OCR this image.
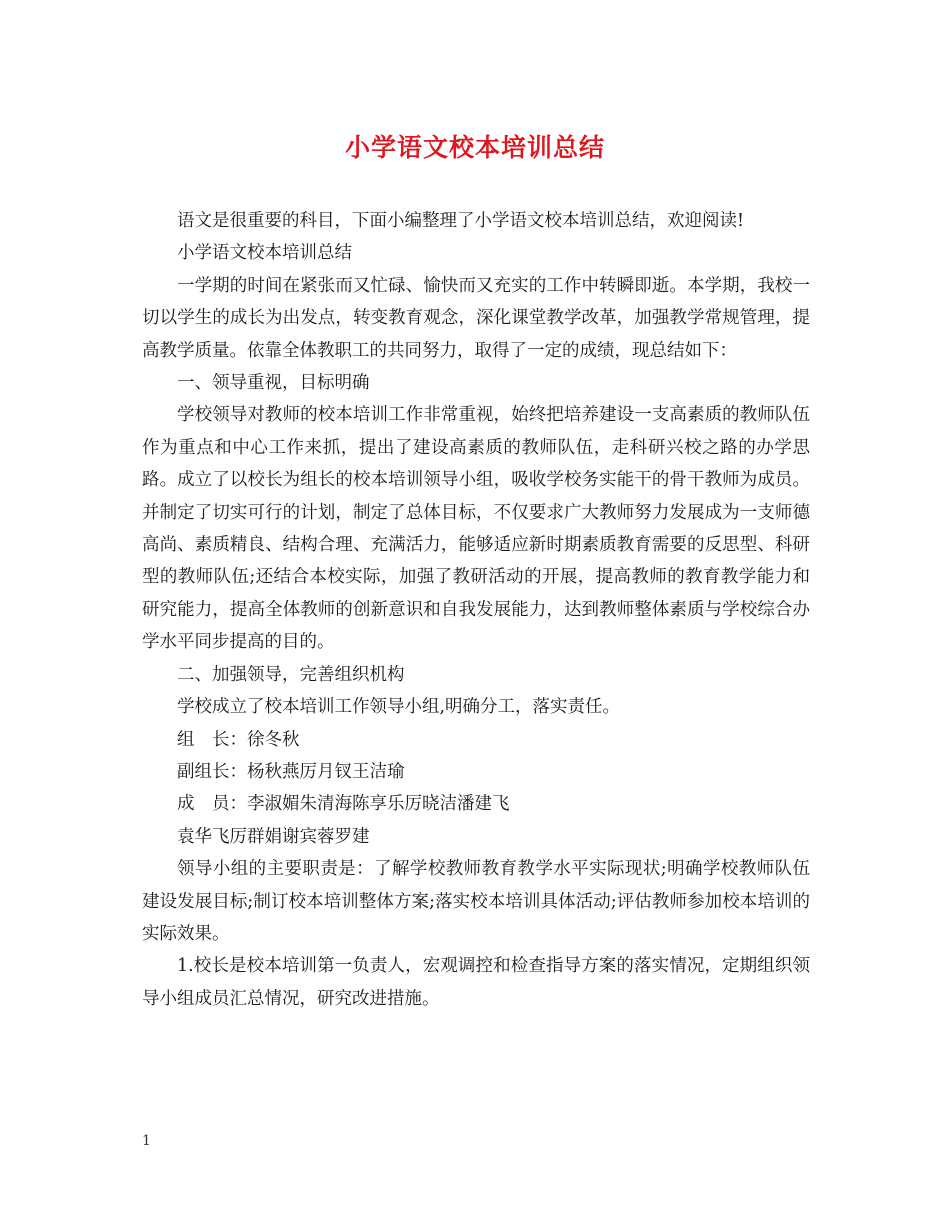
小学语文校本培训总结

语文是很重要的科目，下面小编整理了小学语文校本培训总结，欢迎阅读!

小学语文校本培训总结

一学期的时间在紧张而又忙碌、愉快而又充实的工作中转瞬即逝。本学期，我校一切以学生的成长为出发点，转变教育观念，深化课堂教学改革，加强教学常规管理，提高教学质量。依靠全体教职工的共同努力，取得了一定的成绩，现总结如下：

一、领导重视，目标明确

学校领导对教师的校本培训工作非常重视，始终把培养建设一支高素质的教师队伍作为重点和中心工作来抓，提出了建设高素质的教师队伍，走科研兴校之路的办学思路。成立了以校长为组长的校本培训领导小组，吸收学校务实能干的骨干教师为成员。并制定了切实可行的计划，制定了总体目标，不仅要求广大教师努力发展成为一支师德高尚、素质精良、结构合理、充满活力，能够适应新时期素质教育需要的反思型、科研型的教师队伍;还结合本校实际，加强了教研活动的开展，提高教师的教育教学能力和研究能力，提高全体教师的创新意识和自我发展能力，达到教师整体素质与学校综合办学水平同步提高的目的。

二、加强领导，完善组织机构

学校成立了校本培训工作领导小组,明确分工，落实责任。

组　长：徐冬秋

副组长：杨秋燕厉月钗王洁瑜

成　员：李淑媚朱清海陈享乐厉晓洁潘建飞

袁华飞厉群娟谢宾蓉罗建

领导小组的主要职责是：了解学校教师教育教学水平实际现状;明确学校教师队伍建设发展目标;制订校本培训整体方案;落实校本培训具体活动;评估教师参加校本培训的实际效果。

1.校长是校本培训第一负责人，宏观调控和检查指导方案的落实情况，定期组织领导小组成员汇总情况，研究改进措施。

1
